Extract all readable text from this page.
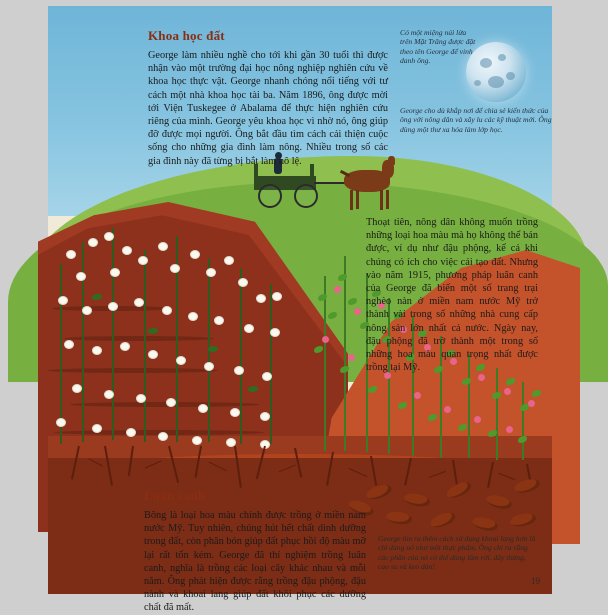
Khoa học đất

George làm nhiều nghề cho tới khi gần 30 tuổi thì được nhận vào một trường đại học nông nghiệp nghiên cứu về khoa học thực vật. George nhanh chóng nổi tiếng với tư cách một nhà khoa học tài ba. Năm 1896, ông được mời tới Viện Tuskegee ở Abalama để thực hiện nghiên cứu riêng của mình. George yêu khoa học vì nhờ nó, ông giúp đỡ được mọi người. Ông bắt đầu tìm cách cải thiện cuộc sống cho những gia đình làm nông. Nhiều trong số các gia đình này đã từng bị bắt làm nô lệ.

Có một miệng núi lửa trên Mặt Trăng được đặt theo tên George để vinh danh ông.

George cho dù khắp nơi để chia sẻ kiến thức của ông với nông dân và xây lu các kỹ thuật mới. Ông dùng một thư xa hóa làm lớp học.

Thoạt tiên, nông dân không muốn trồng những loại hoa màu mà họ không thể bán được, ví dụ như đậu phộng, kể cả khi chúng có ích cho việc cải tạo đất. Nhưng vào năm 1915, phương pháp luân canh của George đã biến một số trang trại nghèo nàn ở miền nam nước Mỹ trở thành vài trong số những nhà cung cấp nông sản lớn nhất cả nước. Ngày nay, đậu phộng đã trở thành một trong số những hoa màu quan trọng nhất được trồng tại Mỹ.

Luân canh

Bông là loại hoa màu chính được trồng ở miền nam nước Mỹ. Tuy nhiên, chúng hút hết chất dinh dưỡng trong đất, còn phân bón giúp đất phục hồi độ màu mỡ lại rất tốn kém. George đã thí nghiệm trồng luân canh, nghĩa là trồng các loại cây khác nhau và mỗi năm. Ông phát hiện được rằng trồng đậu phộng, đậu nành và khoai lang giúp đất khôi phục các dưỡng chất đã mất.

George tìm ra thêm cách sử dụng khoai lang hơn là chỉ dùng nó như một thực phẩm. Ông chỉ ra rằng các phần của nó có thể dùng làm rời, dây thừng, cao su và keo dán!

19
